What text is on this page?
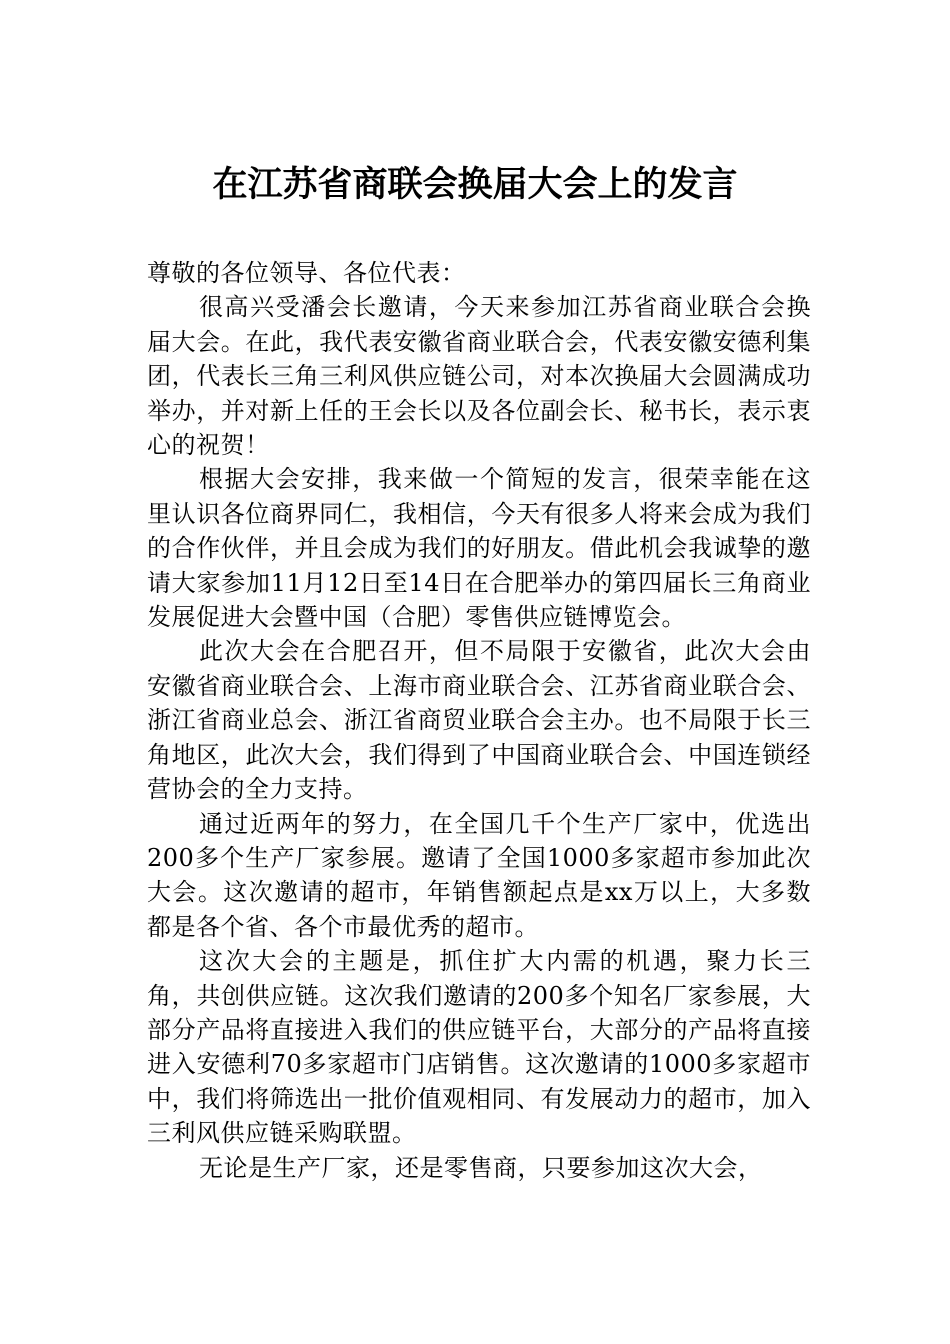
在江苏省商联会换届大会上的发言

尊敬的各位领导、各位代表：

很高兴受潘会长邀请，今天来参加江苏省商业联合会换届大会。在此，我代表安徽省商业联合会，代表安徽安德利集团，代表长三角三利风供应链公司，对本次换届大会圆满成功举办，并对新上任的王会长以及各位副会长、秘书长，表示衷心的祝贺！

根据大会安排，我来做一个简短的发言，很荣幸能在这里认识各位商界同仁，我相信，今天有很多人将来会成为我们的合作伙伴，并且会成为我们的好朋友。借此机会我诚挚的邀请大家参加11月12日至14日在合肥举办的第四届长三角商业发展促进大会暨中国（合肥）零售供应链博览会。

此次大会在合肥召开，但不局限于安徽省，此次大会由安徽省商业联合会、上海市商业联合会、江苏省商业联合会、浙江省商业总会、浙江省商贸业联合会主办。也不局限于长三角地区，此次大会，我们得到了中国商业联合会、中国连锁经营协会的全力支持。

通过近两年的努力，在全国几千个生产厂家中，优选出200多个生产厂家参展。邀请了全国1000多家超市参加此次大会。这次邀请的超市，年销售额起点是xx万以上，大多数都是各个省、各个市最优秀的超市。

这次大会的主题是，抓住扩大内需的机遇，聚力长三角，共创供应链。这次我们邀请的200多个知名厂家参展，大部分产品将直接进入我们的供应链平台，大部分的产品将直接进入安德利70多家超市门店销售。这次邀请的1000多家超市中，我们将筛选出一批价值观相同、有发展动力的超市，加入三利风供应链采购联盟。

无论是生产厂家，还是零售商，只要参加这次大会，
